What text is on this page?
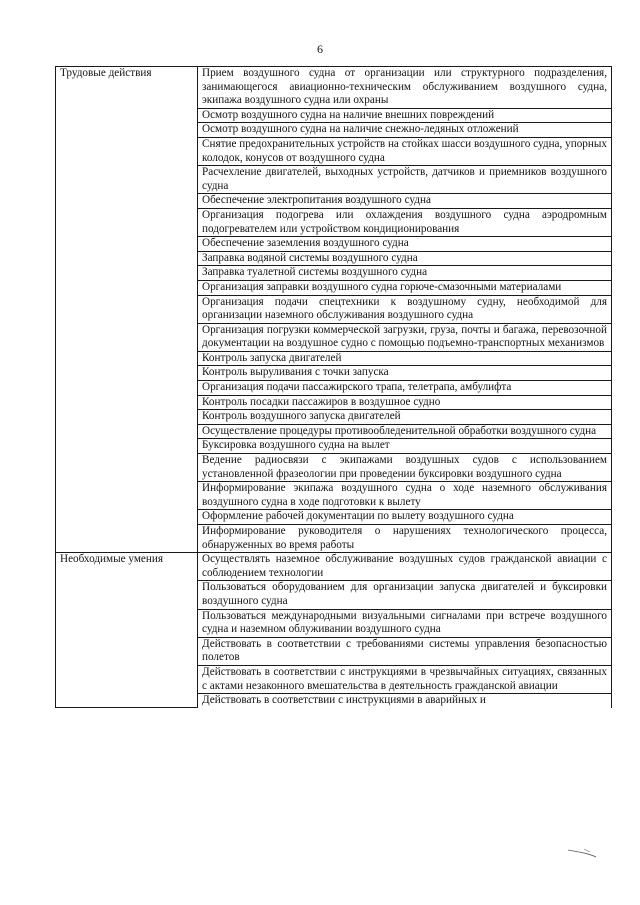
6
Трудовые действия	Прием воздушного судна от организации или структурного подразделения, занимающегося авиационно-техническим обслуживанием воздушного судна, экипажа воздушного судна или охраны
	Осмотр воздушного судна на наличие внешних повреждений
	Осмотр воздушного судна на наличие снежно-ледяных отложений
	Снятие предохранительных устройств на стойках шасси воздушного судна, упорных колодок, конусов от воздушного судна
	Расчехление двигателей, выходных устройств, датчиков и приемников воздушного судна
	Обеспечение электропитания воздушного судна
	Организация подогрева или охлаждения воздушного судна аэродромным подогревателем или устройством кондиционирования
	Обеспечение заземления воздушного судна
	Заправка водяной системы воздушного судна
	Заправка туалетной системы воздушного судна
	Организация заправки воздушного судна горюче-смазочными материалами
	Организация подачи спецтехники к воздушному судну, необходимой для организации наземного обслуживания воздушного судна
	Организация погрузки коммерческой загрузки, груза, почты и багажа, перевозочной документации на воздушное судно с помощью подъемно-транспортных механизмов
	Контроль запуска двигателей
	Контроль выруливания с точки запуска
	Организация подачи пассажирского трапа, телетрапа, амбулифта
	Контроль посадки пассажиров в воздушное судно
	Контроль воздушного запуска двигателей
	Осуществление процедуры противообледенительной обработки воздушного судна
	Буксировка воздушного судна на вылет
	Ведение радиосвязи с экипажами воздушных судов с использованием установленной фразеологии при проведении буксировки воздушного судна
	Информирование экипажа воздушного судна о ходе наземного обслуживания воздушного судна в ходе подготовки к вылету
	Оформление рабочей документации по вылету воздушного судна
	Информирование руководителя о нарушениях технологического процесса, обнаруженных во время работы
Необходимые умения	Осуществлять наземное обслуживание воздушных судов гражданской авиации с соблюдением технологии
	Пользоваться оборудованием для организации запуска двигателей и буксировки воздушного судна
	Пользоваться международными визуальными сигналами при встрече воздушного судна и наземном облуживании воздушного судна
	Действовать в соответствии с требованиями системы управления безопасностью полетов
	Действовать в соответствии с инструкциями в чрезвычайных ситуациях, связанных с актами незаконного вмешательства в деятельность гражданской авиации
	Действовать в соответствии с инструкциями в аварийных и
